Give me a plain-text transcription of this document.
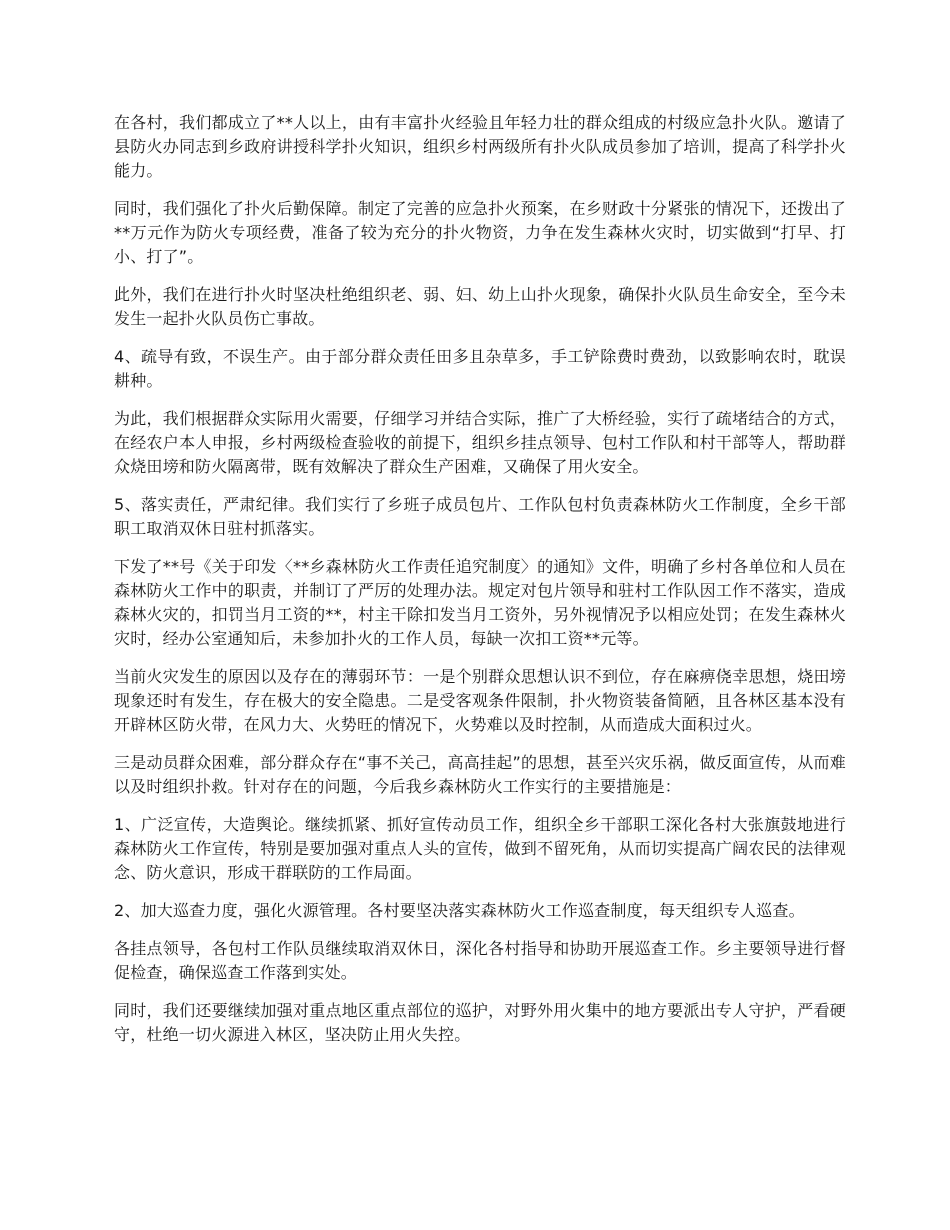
在各村，我们都成立了**人以上，由有丰富扑火经验且年轻力壮的群众组成的村级应急扑火队。邀请了县防火办同志到乡政府讲授科学扑火知识，组织乡村两级所有扑火队成员参加了培训，提高了科学扑火能力。

同时，我们强化了扑火后勤保障。制定了完善的应急扑火预案，在乡财政十分紧张的情况下，还拨出了**万元作为防火专项经费，准备了较为充分的扑火物资，力争在发生森林火灾时，切实做到“打早、打小、打了”。

此外，我们在进行扑火时坚决杜绝组织老、弱、妇、幼上山扑火现象，确保扑火队员生命安全，至今未发生一起扑火队员伤亡事故。

4、疏导有致，不误生产。由于部分群众责任田多且杂草多，手工铲除费时费劲，以致影响农时，耽误耕种。

为此，我们根据群众实际用火需要，仔细学习并结合实际，推广了大桥经验，实行了疏堵结合的方式，在经农户本人申报，乡村两级检查验收的前提下，组织乡挂点领导、包村工作队和村干部等人，帮助群众烧田塝和防火隔离带，既有效解决了群众生产困难，又确保了用火安全。

5、落实责任，严肃纪律。我们实行了乡班子成员包片、工作队包村负责森林防火工作制度，全乡干部职工取消双休日驻村抓落实。

下发了**号《关于印发〈**乡森林防火工作责任追究制度〉的通知》文件，明确了乡村各单位和人员在森林防火工作中的职责，并制订了严厉的处理办法。规定对包片领导和驻村工作队因工作不落实，造成森林火灾的，扣罚当月工资的**，村主干除扣发当月工资外，另外视情况予以相应处罚；在发生森林火灾时，经办公室通知后，未参加扑火的工作人员，每缺一次扣工资**元等。

当前火灾发生的原因以及存在的薄弱环节：一是个别群众思想认识不到位，存在麻痹侥幸思想，烧田塝现象还时有发生，存在极大的安全隐患。二是受客观条件限制，扑火物资装备简陋，且各林区基本没有开辟林区防火带，在风力大、火势旺的情况下，火势难以及时控制，从而造成大面积过火。

三是动员群众困难，部分群众存在“事不关己，高高挂起”的思想，甚至兴灾乐祸，做反面宣传，从而难以及时组织扑救。针对存在的问题，今后我乡森林防火工作实行的主要措施是：

1、广泛宣传，大造舆论。继续抓紧、抓好宣传动员工作，组织全乡干部职工深化各村大张旗鼓地进行森林防火工作宣传，特别是要加强对重点人头的宣传，做到不留死角，从而切实提高广阔农民的法律观念、防火意识，形成干群联防的工作局面。

2、加大巡查力度，强化火源管理。各村要坚决落实森林防火工作巡查制度，每天组织专人巡查。

各挂点领导，各包村工作队员继续取消双休日，深化各村指导和协助开展巡查工作。乡主要领导进行督促检查，确保巡查工作落到实处。

同时，我们还要继续加强对重点地区重点部位的巡护，对野外用火集中的地方要派出专人守护，严看硬守，杜绝一切火源进入林区，坚决防止用火失控。
